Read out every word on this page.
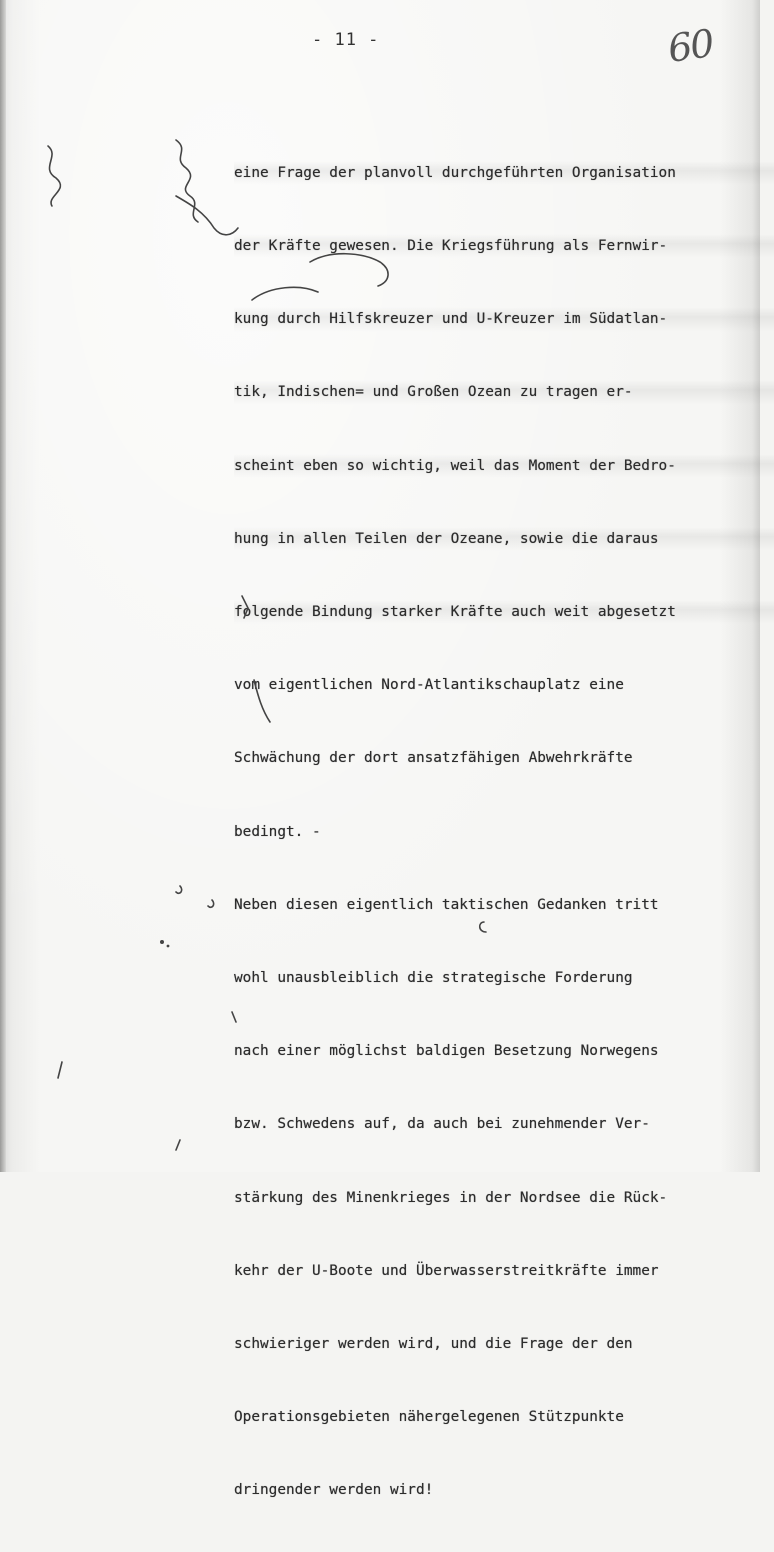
- 11 -	60

eine Frage der planvoll durchgeführten Organisation

der Kräfte gewesen. Die Kriegsführung als Fernwir-

kung durch Hilfskreuzer und U-Kreuzer im Südatlan-

tik, Indischen= und Großen Ozean zu tragen er-

scheint eben so wichtig, weil das Moment der Bedro-

hung in allen Teilen der Ozeane, sowie die daraus

folgende Bindung starker Kräfte auch weit abgesetzt

vom eigentlichen Nord-Atlantikschauplatz eine

Schwächung der dort ansatzfähigen Abwehrkräfte

bedingt. -

Neben diesen eigentlich taktischen Gedanken tritt

wohl unausbleiblich die strategische Forderung

nach einer möglichst baldigen Besetzung Norwegens

bzw. Schwedens auf, da auch bei zunehmender Ver-

stärkung des Minenkrieges in der Nordsee die Rück-

kehr der U-Boote und Überwasserstreitkräfte immer

schwieriger werden wird, und die Frage der den

Operationsgebieten nähergelegenen Stützpunkte

dringender werden wird!
